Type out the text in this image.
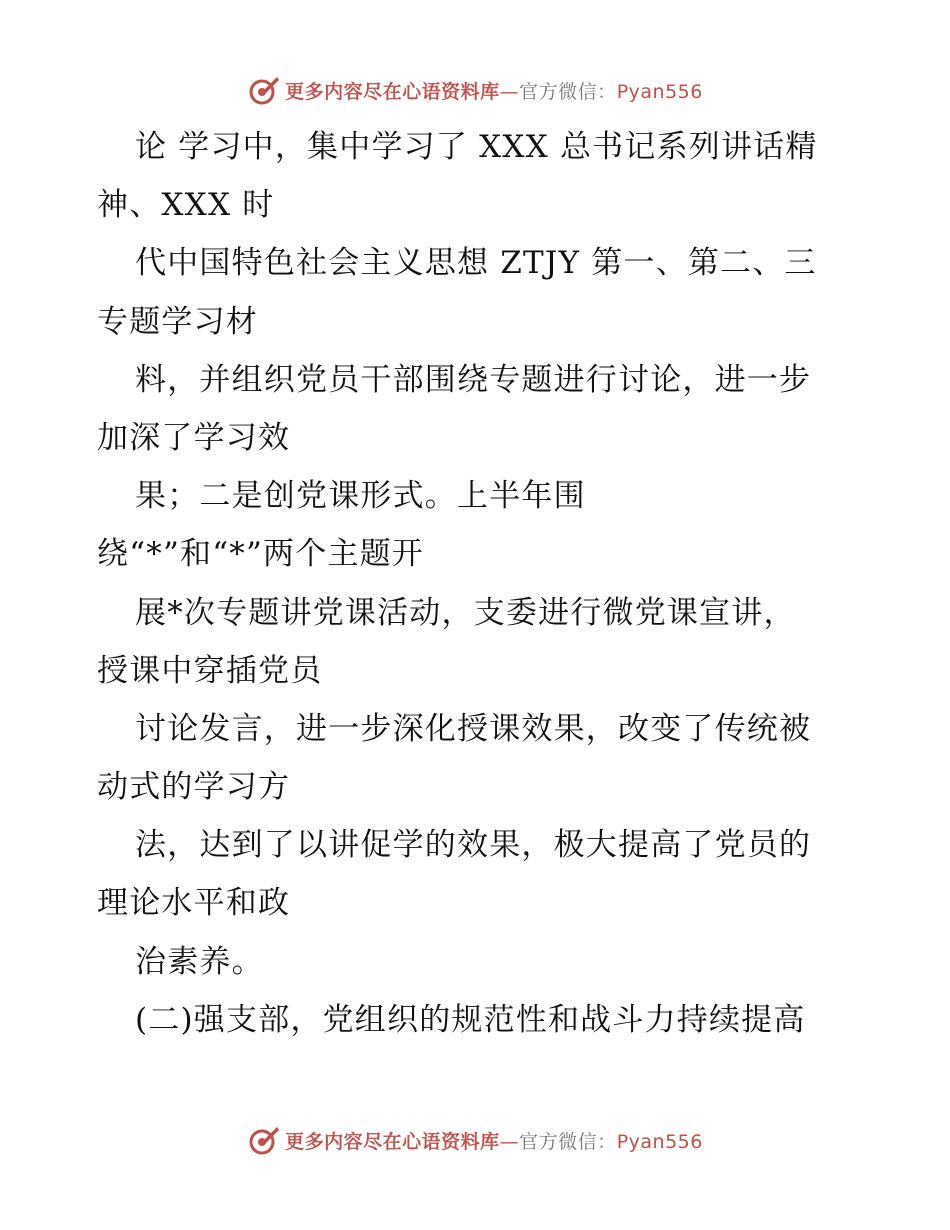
更多内容尽在心语资料库—官方微信：Pyan556
论 学习中，集中学习了 XXX 总书记系列讲话精
神、XXX 时
代中国特色社会主义思想 ZTJY 第一、第二、三
专题学习材
料，并组织党员干部围绕专题进行讨论，进一步
加深了学习效
果；二是创党课形式。上半年围
绕“*”和“*”两个主题开
展*次专题讲党课活动，支委进行微党课宣讲，
授课中穿插党员
讨论发言，进一步深化授课效果，改变了传统被
动式的学习方
法，达到了以讲促学的效果，极大提高了党员的
理论水平和政
治素养。
(二)强支部，党组织的规范性和战斗力持续提高
更多内容尽在心语资料库—官方微信：Pyan556
